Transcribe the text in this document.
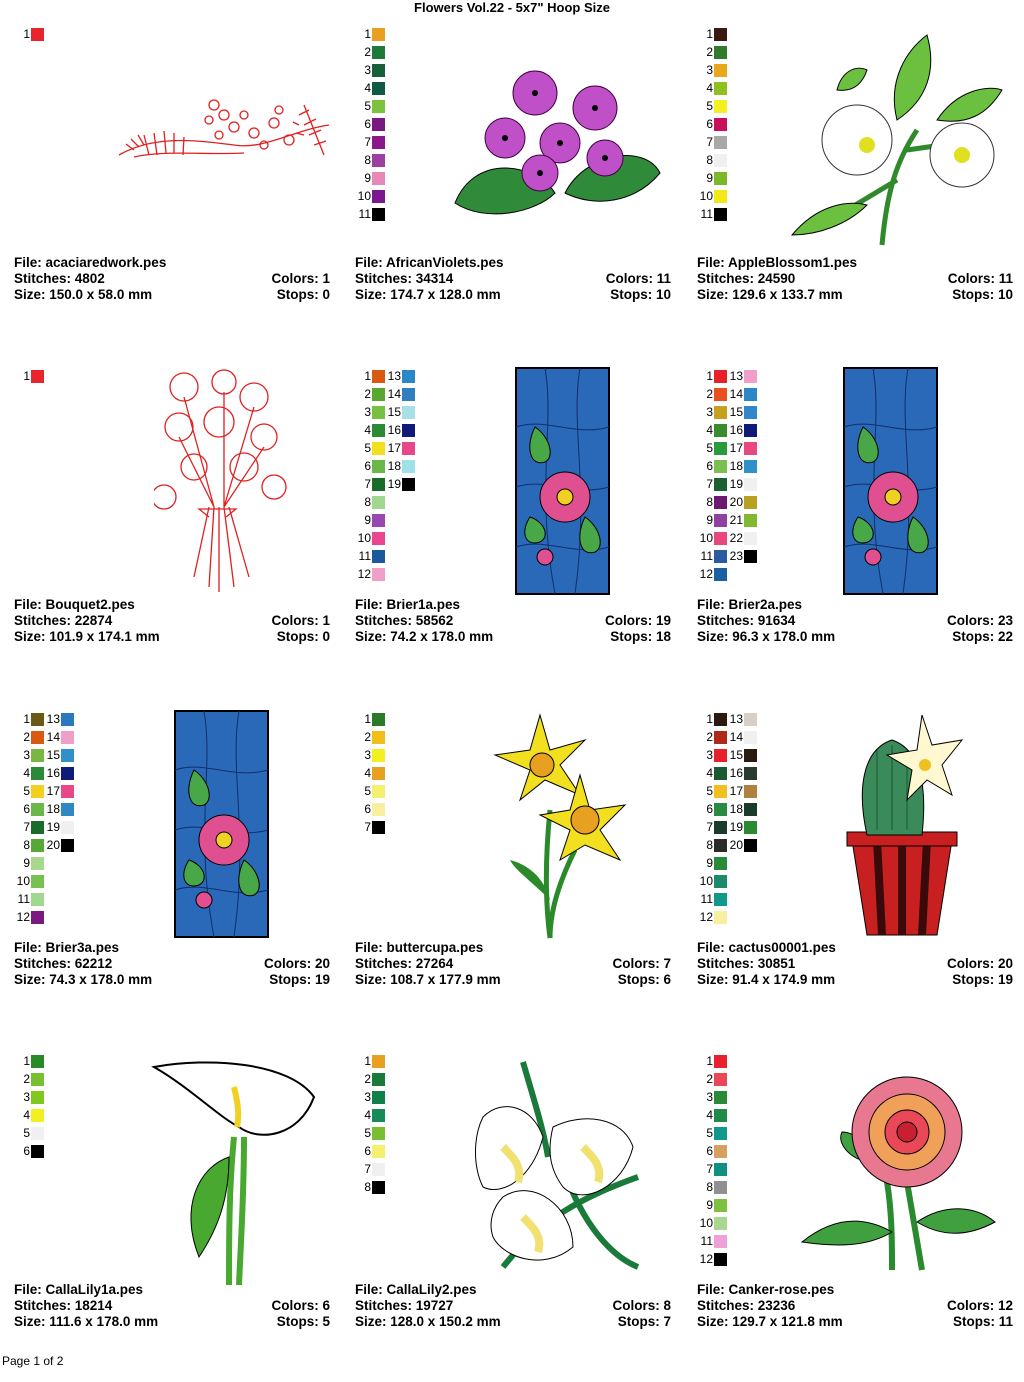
Flowers Vol.22 - 5x7" Hoop Size
1
File: acaciaredwork.pes
Stitches: 4802	Colors: 1
Size: 150.0 x 58.0 mm	Stops: 0
1
2
3
4
5
6
7
8
9
10
11
File: AfricanViolets.pes
Stitches: 34314	Colors: 11
Size: 174.7 x 128.0 mm	Stops: 10
1
2
3
4
5
6
7
8
9
10
11
File: AppleBlossom1.pes
Stitches: 24590	Colors: 11
Size: 129.6 x 133.7 mm	Stops: 10
1
File: Bouquet2.pes
Stitches: 22874	Colors: 1
Size: 101.9 x 174.1 mm	Stops: 0
1
2
3
4
5
6
7
8
9
10
11
12
13
14
15
16
17
18
19
File: Brier1a.pes
Stitches: 58562	Colors: 19
Size: 74.2 x 178.0 mm	Stops: 18
1
2
3
4
5
6
7
8
9
10
11
12
13
14
15
16
17
18
19
20
21
22
23
File: Brier2a.pes
Stitches: 91634	Colors: 23
Size: 96.3 x 178.0 mm	Stops: 22
1
2
3
4
5
6
7
8
9
10
11
12
13
14
15
16
17
18
19
20
File: Brier3a.pes
Stitches: 62212	Colors: 20
Size: 74.3 x 178.0 mm	Stops: 19
1
2
3
4
5
6
7
File: buttercupa.pes
Stitches: 27264	Colors: 7
Size: 108.7 x 177.9 mm	Stops: 6
1
2
3
4
5
6
7
8
9
10
11
12
13
14
15
16
17
18
19
20
File: cactus00001.pes
Stitches: 30851	Colors: 20
Size: 91.4 x 174.9 mm	Stops: 19
1
2
3
4
5
6
File: CallaLily1a.pes
Stitches: 18214	Colors: 6
Size: 111.6 x 178.0 mm	Stops: 5
1
2
3
4
5
6
7
8
File: CallaLily2.pes
Stitches: 19727	Colors: 8
Size: 128.0 x 150.2 mm	Stops: 7
1
2
3
4
5
6
7
8
9
10
11
12
File: Canker-rose.pes
Stitches: 23236	Colors: 12
Size: 129.7 x 121.8 mm	Stops: 11
Page 1 of 2
